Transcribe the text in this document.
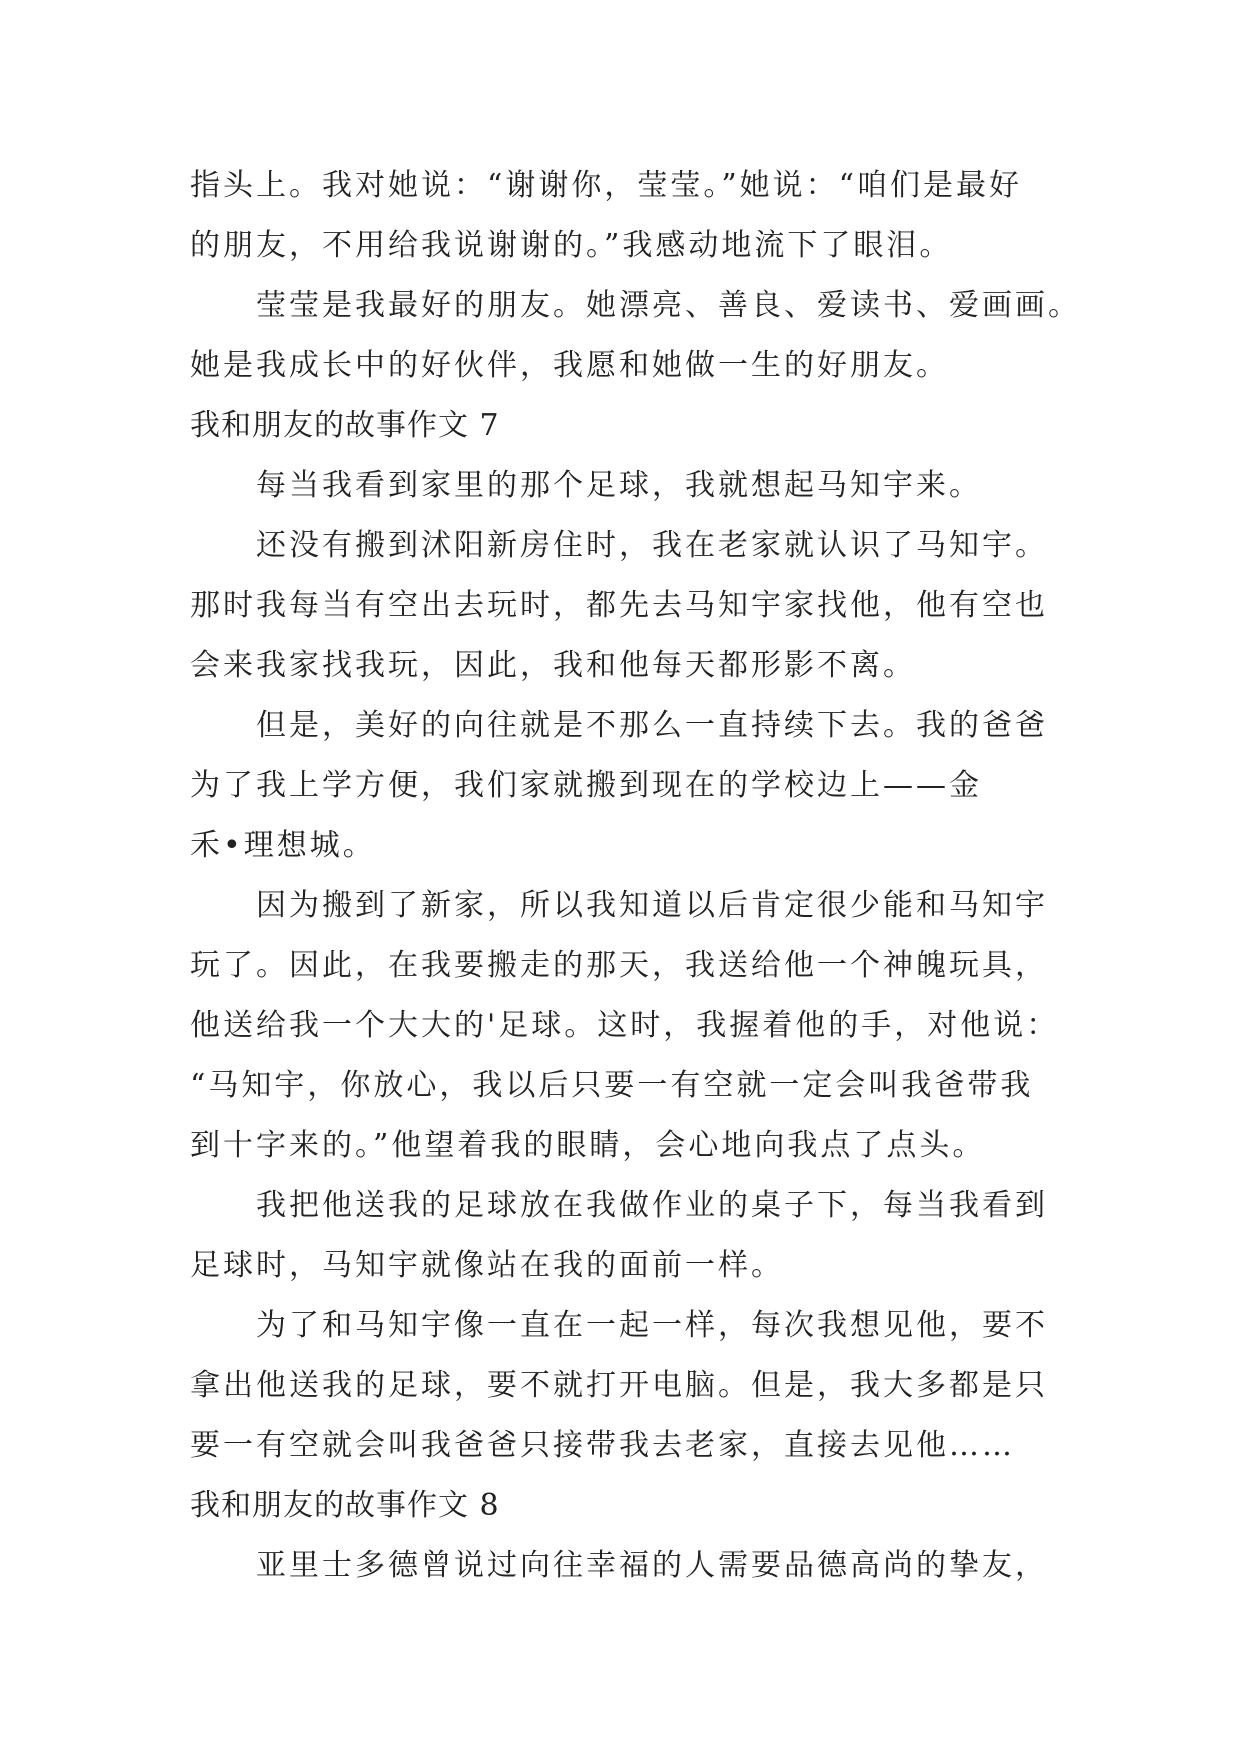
指头上。我对她说：“谢谢你，莹莹。”她说：“咱们是最好
的朋友，不用给我说谢谢的。”我感动地流下了眼泪。
莹莹是我最好的朋友。她漂亮、善良、爱读书、爱画画。
她是我成长中的好伙伴，我愿和她做一生的好朋友。
我和朋友的故事作文 7
每当我看到家里的那个足球，我就想起马知宇来。
还没有搬到沭阳新房住时，我在老家就认识了马知宇。
那时我每当有空出去玩时，都先去马知宇家找他，他有空也
会来我家找我玩，因此，我和他每天都形影不离。
但是，美好的向往就是不那么一直持续下去。我的爸爸
为了我上学方便，我们家就搬到现在的学校边上——金
禾•理想城。
因为搬到了新家，所以我知道以后肯定很少能和马知宇
玩了。因此，在我要搬走的那天，我送给他一个神魄玩具，
他送给我一个大大的'足球。这时，我握着他的手，对他说：
“马知宇，你放心，我以后只要一有空就一定会叫我爸带我
到十字来的。”他望着我的眼睛，会心地向我点了点头。
我把他送我的足球放在我做作业的桌子下，每当我看到
足球时，马知宇就像站在我的面前一样。
为了和马知宇像一直在一起一样，每次我想见他，要不
拿出他送我的足球，要不就打开电脑。但是，我大多都是只
要一有空就会叫我爸爸只接带我去老家，直接去见他……
我和朋友的故事作文 8
亚里士多德曾说过向往幸福的人需要品德高尚的挚友，
